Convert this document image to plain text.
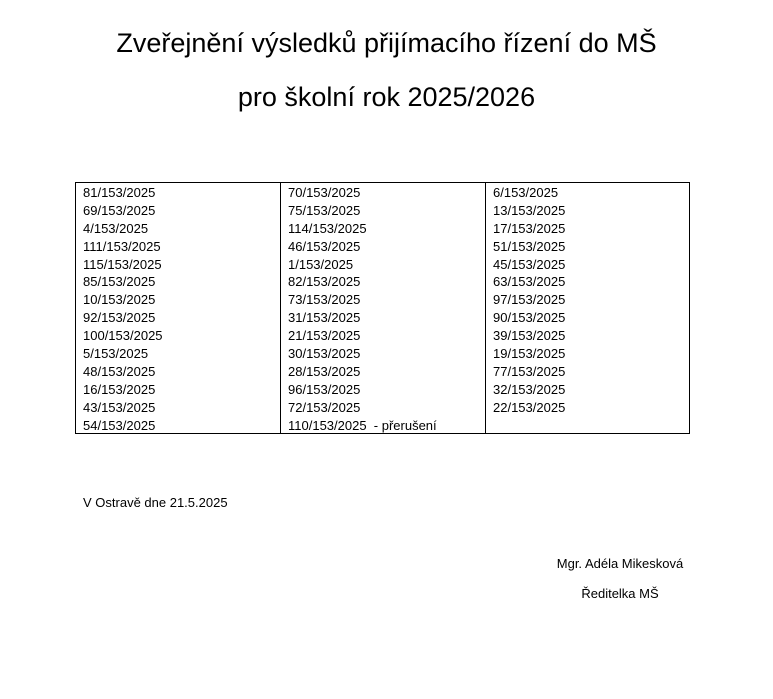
Zveřejnění výsledků přijímacího řízení do MŠ
pro školní rok 2025/2026
81/153/2025
69/153/2025
4/153/2025
111/153/2025
115/153/2025
85/153/2025
10/153/2025
92/153/2025
100/153/2025
5/153/2025
48/153/2025
16/153/2025
43/153/2025
54/153/2025
70/153/2025
75/153/2025
114/153/2025
46/153/2025
1/153/2025
82/153/2025
73/153/2025
31/153/2025
21/153/2025
30/153/2025
28/153/2025
96/153/2025
72/153/2025
110/153/2025  - přerušení
6/153/2025
13/153/2025
17/153/2025
51/153/2025
45/153/2025
63/153/2025
97/153/2025
90/153/2025
39/153/2025
19/153/2025
77/153/2025
32/153/2025
22/153/2025
V Ostravě dne 21.5.2025
Mgr. Adéla Mikesková
Ředitelka MŠ
